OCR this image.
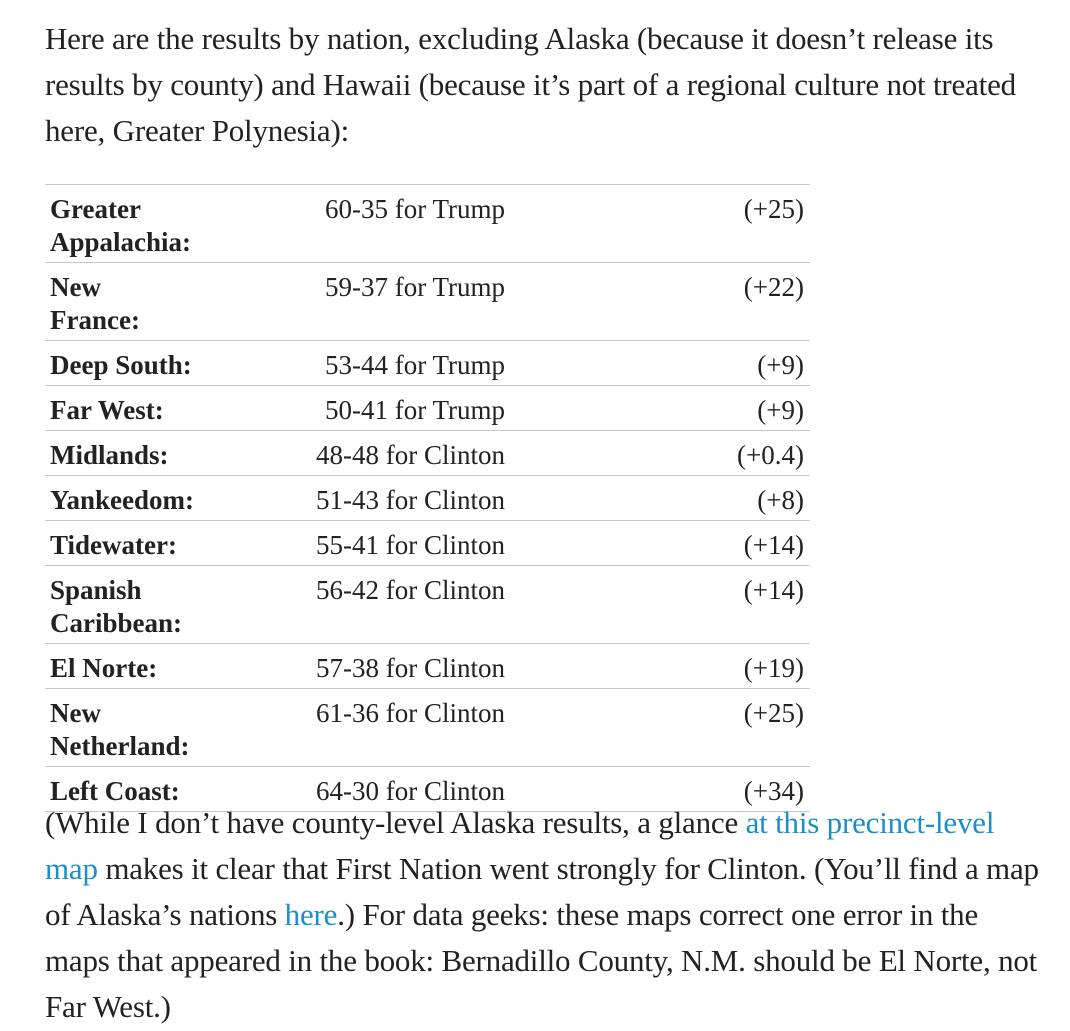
Here are the results by nation, excluding Alaska (because it doesn’t release its results by county) and Hawaii (because it’s part of a regional culture not treated here, Greater Polynesia):

Greater Appalachia:	60-35 for Trump	(+25)
New France:	59-37 for Trump	(+22)
Deep South:	53-44 for Trump	(+9)
Far West:	50-41 for Trump	(+9)
Midlands:	48-48 for Clinton	(+0.4)
Yankeedom:	51-43 for Clinton	(+8)
Tidewater:	55-41 for Clinton	(+14)
Spanish Caribbean:	56-42 for Clinton	(+14)
El Norte:	57-38 for Clinton	(+19)
New Netherland:	61-36 for Clinton	(+25)
Left Coast:	64-30 for Clinton	(+34)

(While I don’t have county-level Alaska results, a glance at this precinct-level map makes it clear that First Nation went strongly for Clinton. (You’ll find a map of Alaska’s nations here.) For data geeks: these maps correct one error in the maps that appeared in the book: Bernadillo County, N.M. should be El Norte, not Far West.)
